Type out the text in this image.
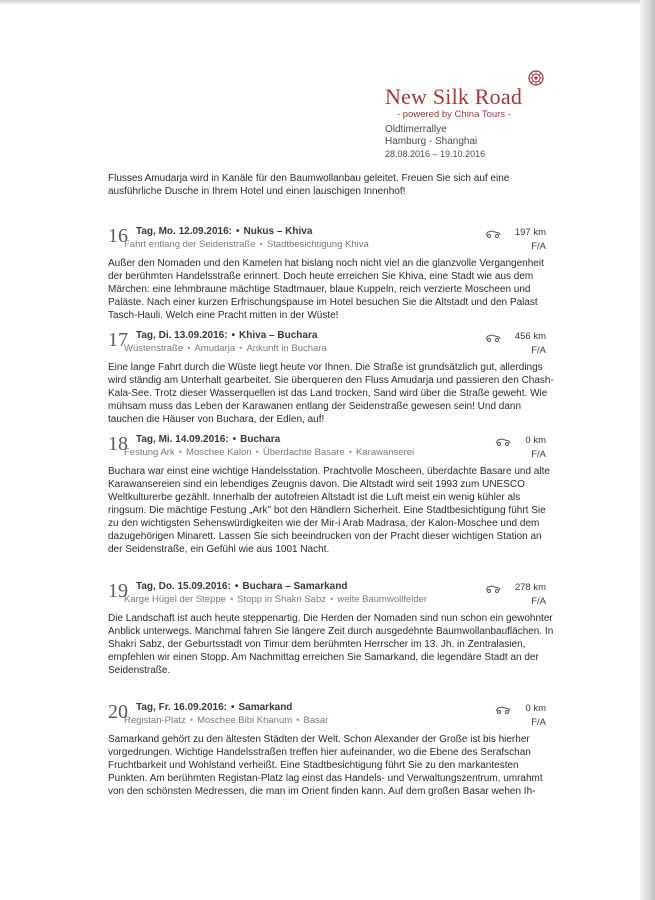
New Silk Road
- powered by China Tours -
Oldtimerrallye
Hamburg - Shanghai
28.08.2016 – 19.10.2016
Flusses Amudarja wird in Kanäle für den Baumwollanbau geleitet. Freuen Sie sich auf eine ausführliche Dusche in Ihrem Hotel und einen lauschigen Innenhof!
16 Tag, Mo. 12.09.2016: • Nukus – Khiva
Fahrt entlang der Seidenstraße • Stadtbesichtigung Khiva
197 km
F/A
Außer den Nomaden und den Kamelen hat bislang noch nicht viel an die glanzvolle Vergangenheit der berühmten Handelsstraße erinnert. Doch heute erreichen Sie Khiva, eine Stadt wie aus dem Märchen: eine lehmbraune mächtige Stadtmauer, blaue Kuppeln, reich verzierte Moscheen und Paläste. Nach einer kurzen Erfrischungspause im Hotel besuchen Sie die Altstadt und den Palast Tasch-Hauli. Welch eine Pracht mitten in der Wüste!
17 Tag, Di. 13.09.2016: • Khiva – Buchara
Wüstenstraße • Amudarja • Ankunft in Buchara
456 km
F/A
Eine lange Fahrt durch die Wüste liegt heute vor Ihnen. Die Straße ist grundsätzlich gut, allerdings wird ständig am Unterhalt gearbeitet. Sie überqueren den Fluss Amudarja und passieren den Chash-Kala-See. Trotz dieser Wasserquellen ist das Land trocken, Sand wird über die Straße geweht. Wie mühsam muss das Leben der Karawanen entlang der Seidenstraße gewesen sein! Und dann tauchen die Häuser von Buchara, der Edlen, auf!
18 Tag, Mi. 14.09.2016: • Buchara
Festung Ark • Moschee Kalon • Überdachte Basare • Karawanserei
0 km
F/A
Buchara war einst eine wichtige Handelsstation. Prachtvolle Moscheen, überdachte Basare und alte Karawansereien sind ein lebendiges Zeugnis davon. Die Altstadt wird seit 1993 zum UNESCO Weltkulturerbe gezählt. Innerhalb der autofreien Altstadt ist die Luft meist ein wenig kühler als ringsum. Die mächtige Festung „Ark" bot den Händlern Sicherheit. Eine Stadtbesichtigung führt Sie zu den wichtigsten Sehenswürdigkeiten wie der Mir-i Arab Madrasa, der Kalon-Moschee und dem dazugehörigen Minarett. Lassen Sie sich beeindrucken von der Pracht dieser wichtigen Station an der Seidenstraße, ein Gefühl wie aus 1001 Nacht.
19 Tag, Do. 15.09.2016: • Buchara – Samarkand
Karge Hügel der Steppe • Stopp in Shakri Sabz • weite Baumwollfelder
278 km
F/A
Die Landschaft ist auch heute steppenartig. Die Herden der Nomaden sind nun schon ein gewohnter Anblick unterwegs. Manchmal fahren Sie längere Zeit durch ausgedehnte Baumwollanbauflächen. In Shakri Sabz, der Geburtsstadt von Timur dem berühmten Herrscher im 13. Jh. in Zentralasien, empfehlen wir einen Stopp. Am Nachmittag erreichen Sie Samarkand, die legendäre Stadt an der Seidenstraße.
20 Tag, Fr. 16.09.2016: • Samarkand
Registan-Platz • Moschee Bibi Khanum • Basar
0 km
F/A
Samarkand gehört zu den ältesten Städten der Welt. Schon Alexander der Große ist bis hierher vorgedrungen. Wichtige Handelsstraßen treffen hier aufeinander, wo die Ebene des Serafschan Fruchtbarkeit und Wohlstand verheißt. Eine Stadtbesichtigung führt Sie zu den markantesten Punkten. Am berühmten Registan-Platz lag einst das Handels- und Verwaltungszentrum, umrahmt von den schönsten Medressen, die man im Orient finden kann. Auf dem großen Basar wehen Ih-
